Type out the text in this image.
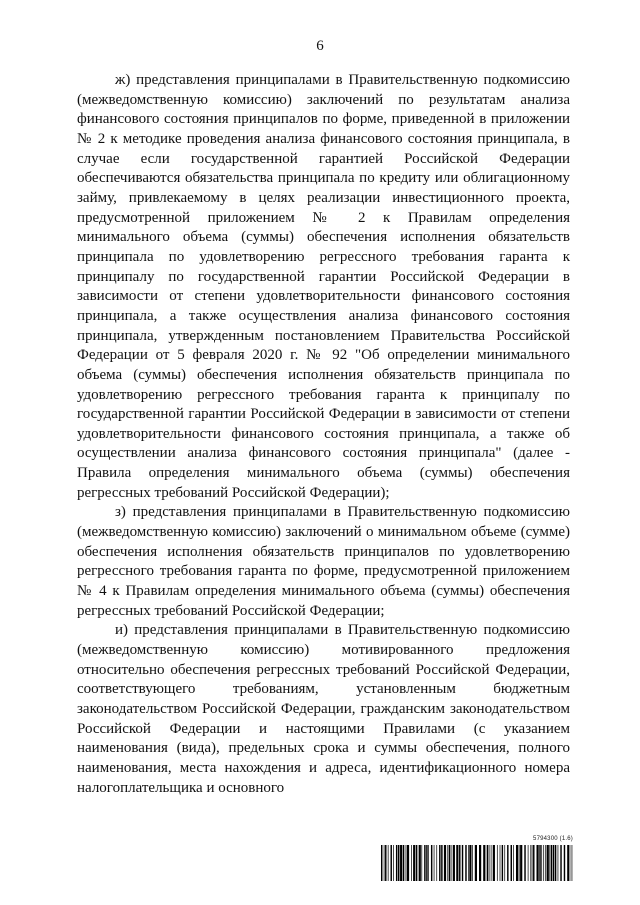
6

ж) представления принципалами в Правительственную подкомиссию (межведомственную комиссию) заключений по результатам анализа финансового состояния принципалов по форме, приведенной в приложении № 2 к методике проведения анализа финансового состояния принципала, в случае если государственной гарантией Российской Федерации обеспечиваются обязательства принципала по кредиту или облигационному займу, привлекаемому в целях реализации инвестиционного проекта, предусмотренной приложением № 2 к Правилам определения минимального объема (суммы) обеспечения исполнения обязательств принципала по удовлетворению регрессного требования гаранта к принципалу по государственной гарантии Российской Федерации в зависимости от степени удовлетворительности финансового состояния принципала, а также осуществления анализа финансового состояния принципала, утвержденным постановлением Правительства Российской Федерации от 5 февраля 2020 г. № 92 "Об определении минимального объема (суммы) обеспечения исполнения обязательств принципала по удовлетворению регрессного требования гаранта к принципалу по государственной гарантии Российской Федерации в зависимости от степени удовлетворительности финансового состояния принципала, а также об осуществлении анализа финансового состояния принципала" (далее - Правила определения минимального объема (суммы) обеспечения регрессных требований Российской Федерации);

з) представления принципалами в Правительственную подкомиссию (межведомственную комиссию) заключений о минимальном объеме (сумме) обеспечения исполнения обязательств принципалов по удовлетворению регрессного требования гаранта по форме, предусмотренной приложением № 4 к Правилам определения минимального объема (суммы) обеспечения регрессных требований Российской Федерации;

и) представления принципалами в Правительственную подкомиссию (межведомственную комиссию) мотивированного предложения относительно обеспечения регрессных требований Российской Федерации, соответствующего требованиям, установленным бюджетным законодательством Российской Федерации, гражданским законодательством Российской Федерации и настоящими Правилами (с указанием наименования (вида), предельных срока и суммы обеспечения, полного наименования, места нахождения и адреса, идентификационного номера налогоплательщика и основного

5794300 (1.6)
